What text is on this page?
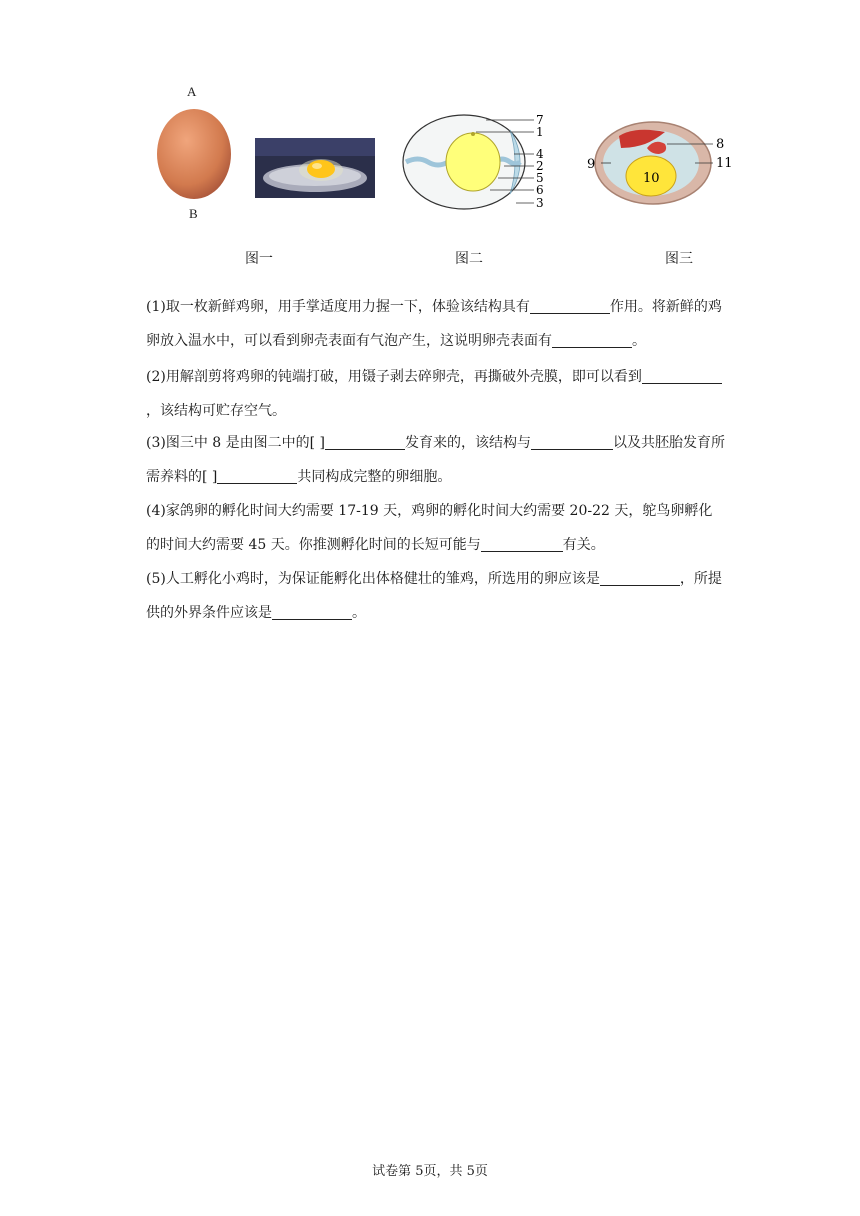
A
B
图一
7
1
4
2
5
6
3
图二
8
9
10
11
图三
(1)取一枚新鲜鸡卵，用手掌适度用力握一下，体验该结构具有	作用。将新鲜的鸡卵放入温水中，可以看到卵壳表面有气泡产生，这说明卵壳表面有	。
(2)用解剖剪将鸡卵的钝端打破，用镊子剥去碎卵壳，再撕破外壳膜，即可以看到，该结构可贮存空气。
(3)图三中 8 是由图二中的[ ]	发育来的，该结构与	以及共胚胎发育所需养料的[ ]	共同构成完整的卵细胞。
(4)家鸽卵的孵化时间大约需要 17-19 天，鸡卵的孵化时间大约需要 20-22 天，鸵鸟卵孵化的时间大约需要 45 天。你推测孵化时间的长短可能与	有关。
(5)人工孵化小鸡时，为保证能孵化出体格健壮的雏鸡，所选用的卵应该是	，所提供的外界条件应该是	。
试卷第 5页，共 5页
